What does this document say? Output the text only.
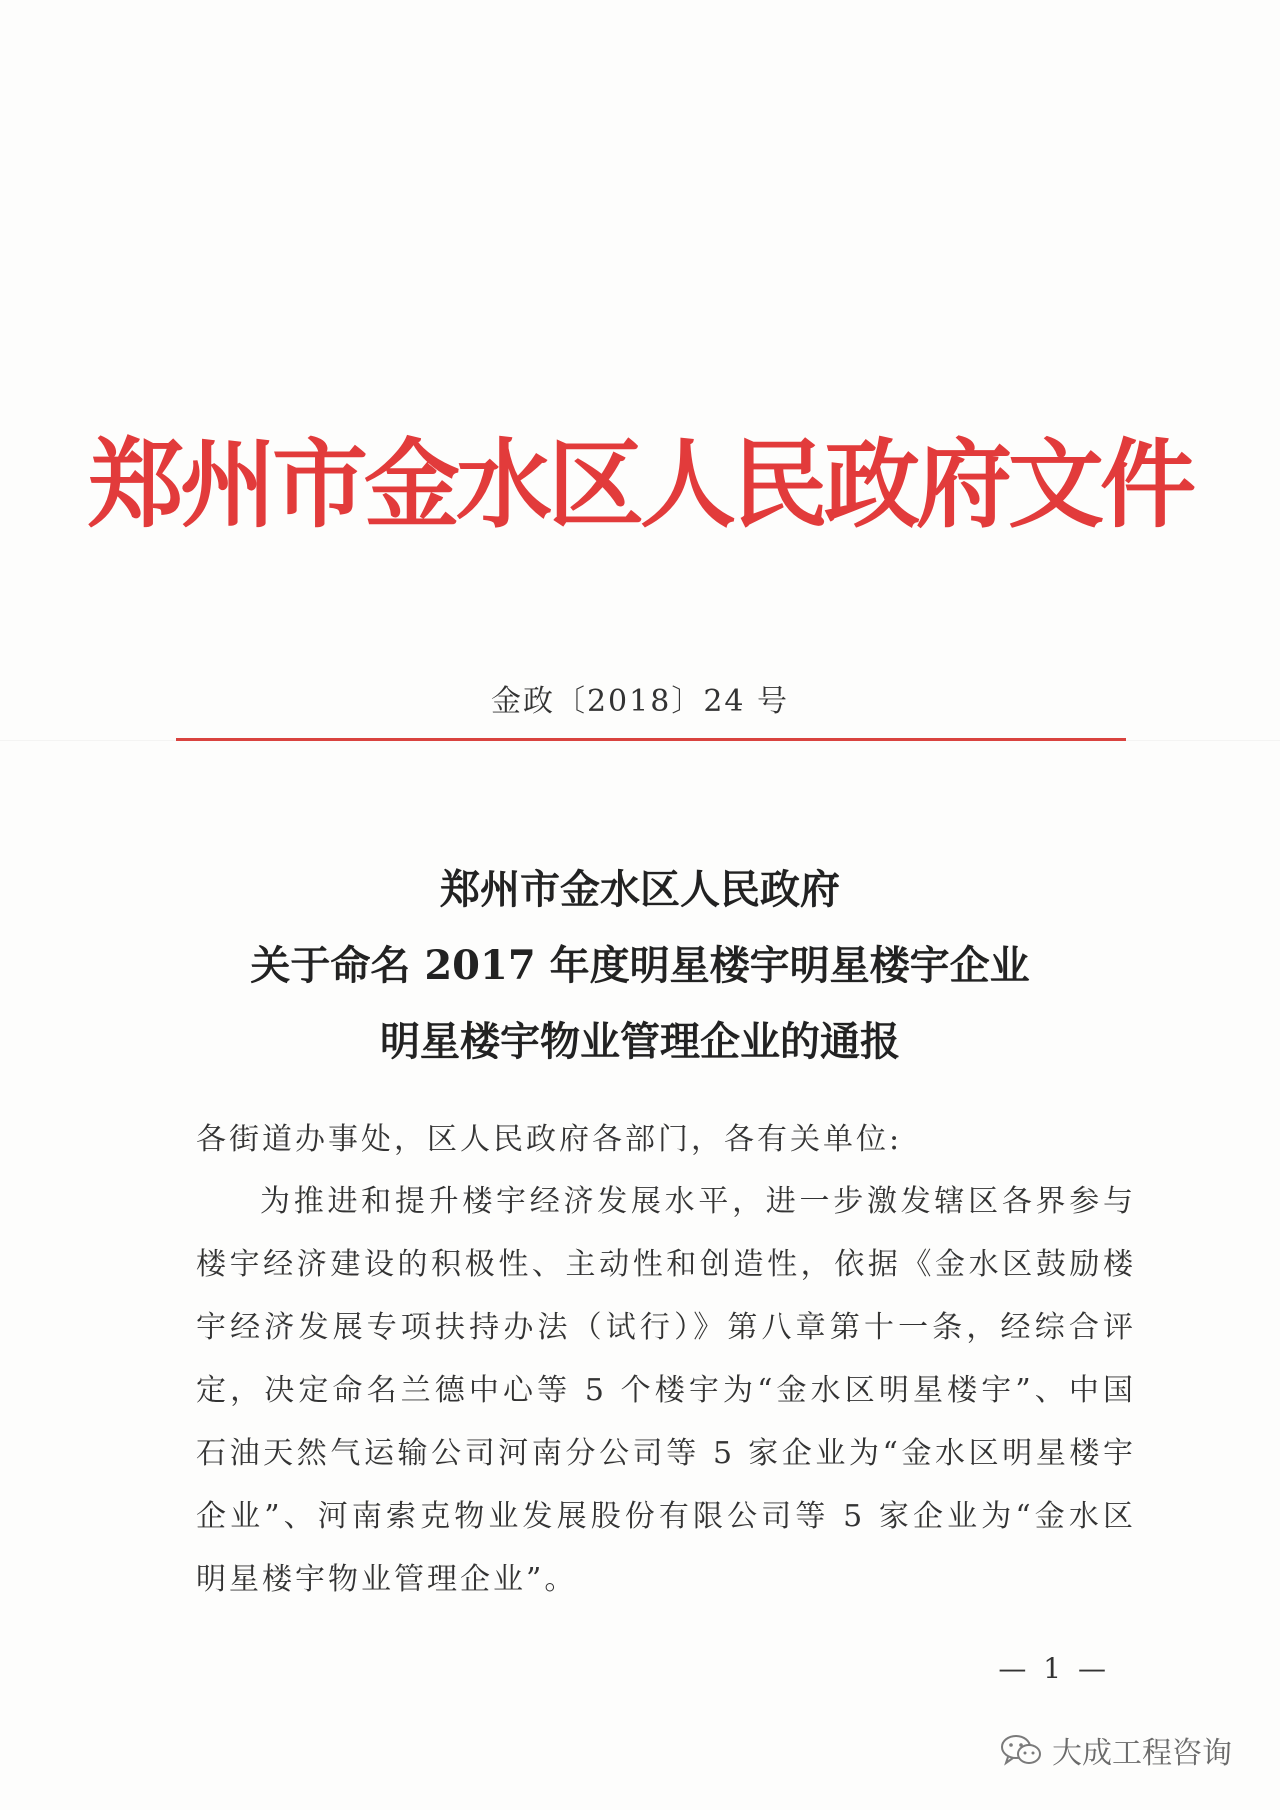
郑州市金水区人民政府文件
金政〔2018〕24 号
郑州市金水区人民政府
关于命名 2017 年度明星楼宇明星楼宇企业
明星楼宇物业管理企业的通报
各街道办事处，区人民政府各部门，各有关单位:
为推进和提升楼宇经济发展水平，进一步激发辖区各界参与楼宇经济建设的积极性、主动性和创造性，依据《金水区鼓励楼宇经济发展专项扶持办法（试行）》第八章第十一条，经综合评定，决定命名兰德中心等 5 个楼宇为“金水区明星楼宇”、中国石油天然气运输公司河南分公司等 5 家企业为“金水区明星楼宇企业”、河南索克物业发展股份有限公司等 5 家企业为“金水区明星楼宇物业管理企业”。
— 1 —
大成工程咨询
